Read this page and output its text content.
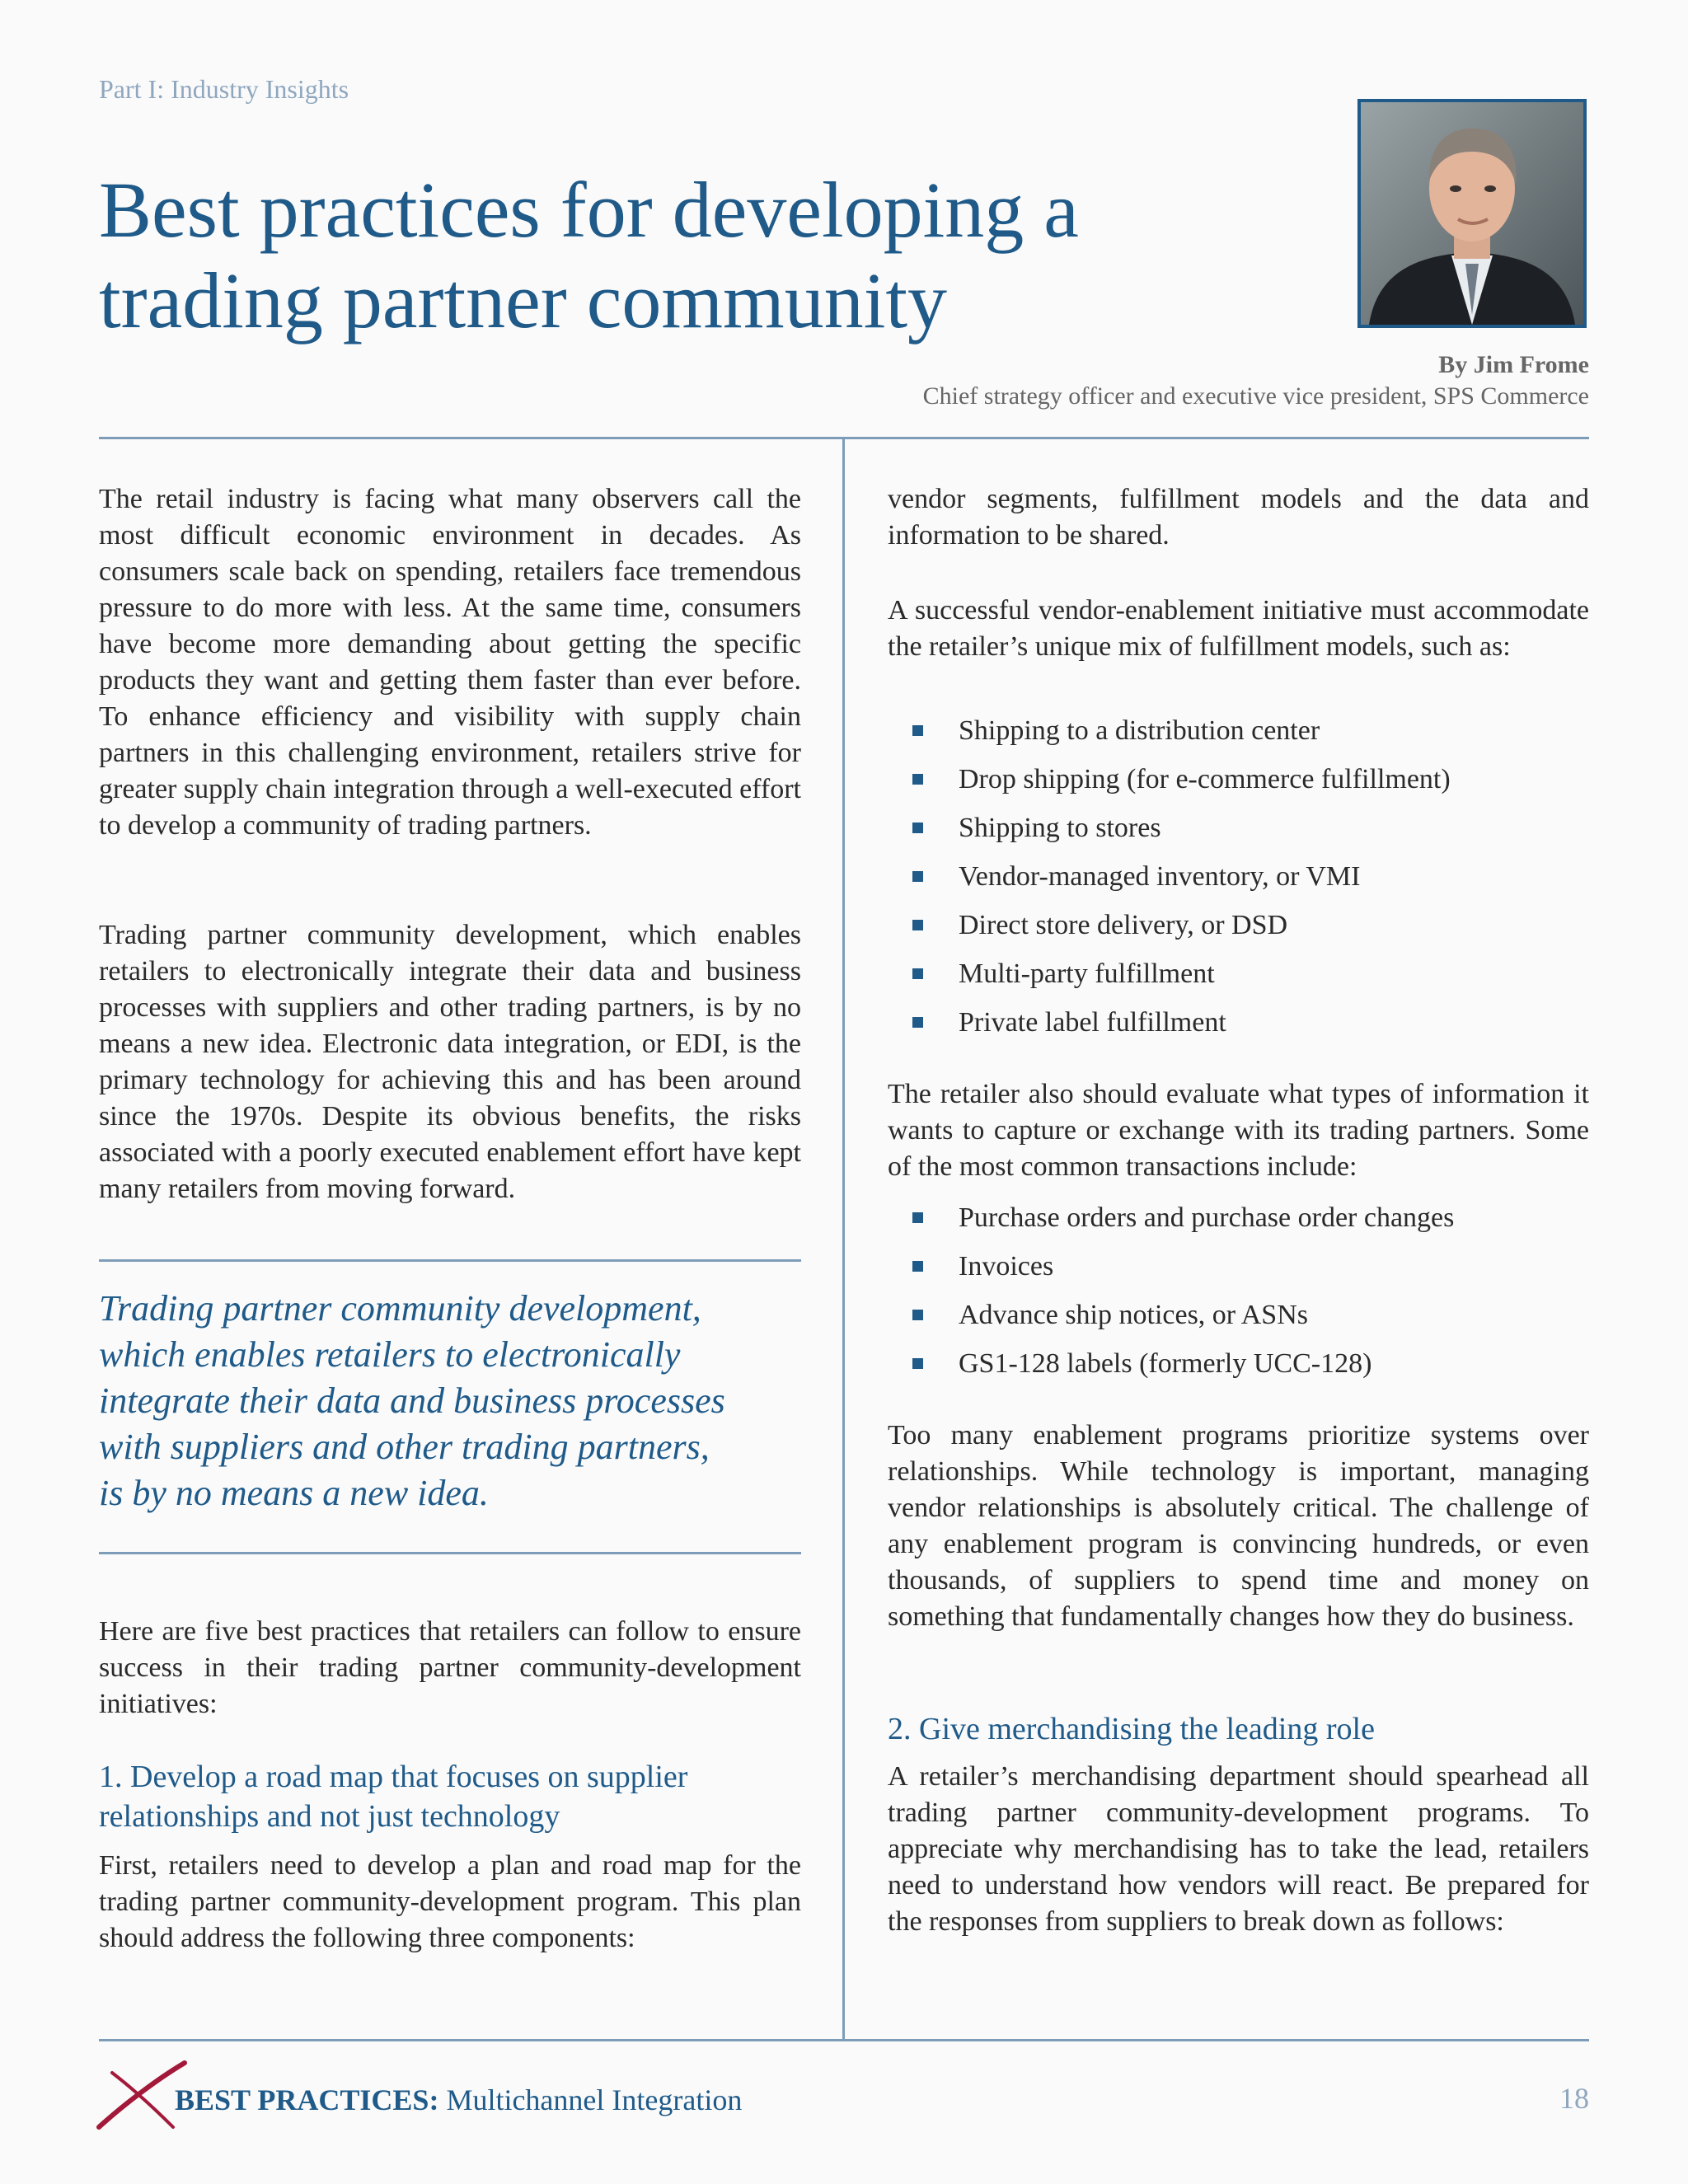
Part I: Industry Insights
Best practices for developing a
trading partner community
By Jim Frome
Chief strategy officer and executive vice president, SPS Commerce

The retail industry is facing what many observers call the most difficult economic environment in decades. As consumers scale back on spending, retailers face tremendous pressure to do more with less. At the same time, consumers have become more demanding about getting the specific products they want and getting them faster than ever before. To enhance efficiency and visibility with supply chain partners in this challenging environment, retailers strive for greater supply chain integration through a well-executed effort to develop a community of trading partners.

Trading partner community development, which enables retailers to electronically integrate their data and business processes with suppliers and other trading partners, is by no means a new idea. Electronic data integration, or EDI, is the primary technology for achieving this and has been around since the 1970s. Despite its obvious benefits, the risks associated with a poorly executed enablement effort have kept many retailers from moving forward.

Trading partner community development,
which enables retailers to electronically
integrate their data and business processes
with suppliers and other trading partners,
is by no means a new idea.

Here are five best practices that retailers can follow to ensure success in their trading partner community-development initiatives:

1. Develop a road map that focuses on supplier relationships and not just technology

First, retailers need to develop a plan and road map for the trading partner community-development program. This plan should address the following three components:

vendor segments, fulfillment models and the data and information to be shared.

A successful vendor-enablement initiative must accommodate the retailer’s unique mix of fulfillment models, such as:

Shipping to a distribution center
Drop shipping (for e-commerce fulfillment)
Shipping to stores
Vendor-managed inventory, or VMI
Direct store delivery, or DSD
Multi-party fulfillment
Private label fulfillment

The retailer also should evaluate what types of information it wants to capture or exchange with its trading partners. Some of the most common transactions include:

Purchase orders and purchase order changes
Invoices
Advance ship notices, or ASNs
GS1-128 labels (formerly UCC-128)

Too many enablement programs prioritize systems over relationships. While technology is important, managing vendor relationships is absolutely critical. The challenge of any enablement program is convincing hundreds, or even thousands, of suppliers to spend time and money on something that fundamentally changes how they do business.

2. Give merchandising the leading role

A retailer’s merchandising department should spearhead all trading partner community-development programs. To appreciate why merchandising has to take the lead, retailers need to understand how vendors will react. Be prepared for the responses from suppliers to break down as follows:

BEST PRACTICES: Multichannel Integration	18
